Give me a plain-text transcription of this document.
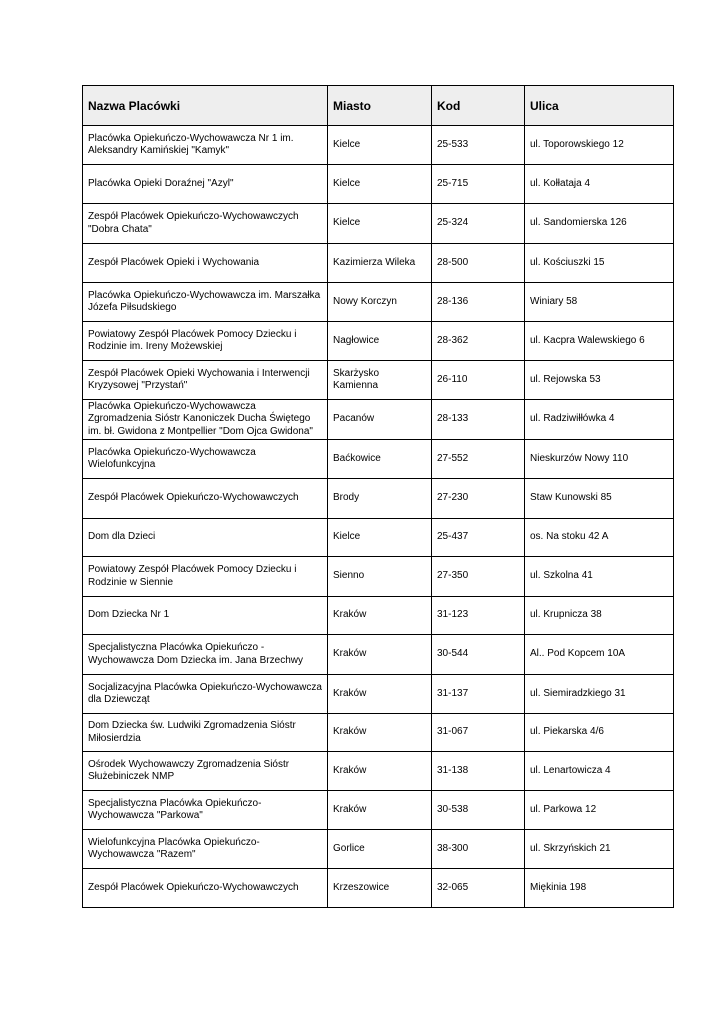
Nazwa Placówki	Miasto	Kod	Ulica
Placówka Opiekuńczo-Wychowawcza Nr 1 im. Aleksandry Kamińskiej "Kamyk"	Kielce	25-533	ul. Toporowskiego 12
Placówka Opieki Doraźnej "Azyl"	Kielce	25-715	ul. Kołłataja 4
Zespół Placówek Opiekuńczo-Wychowawczych "Dobra Chata"	Kielce	25-324	ul. Sandomierska 126
Zespół Placówek Opieki i Wychowania	Kazimierza Wileka	28-500	ul. Kościuszki 15
Placówka Opiekuńczo-Wychowawcza im. Marszałka Józefa Piłsudskiego	Nowy Korczyn	28-136	Winiary 58
Powiatowy Zespół Placówek Pomocy Dziecku i Rodzinie im. Ireny Możewskiej	Nagłowice	28-362	ul. Kacpra Walewskiego 6
Zespół Placówek Opieki Wychowania i Interwencji Kryzysowej "Przystań"	Skarżysko Kamienna	26-110	ul. Rejowska 53
Placówka Opiekuńczo-Wychowawcza Zgromadzenia Sióstr Kanoniczek Ducha Świętego im. bł. Gwidona z Montpellier "Dom Ojca Gwidona"	Pacanów	28-133	ul. Radziwiłłówka 4
Placówka Opiekuńczo-Wychowawcza Wielofunkcyjna	Baćkowice	27-552	Nieskurzów Nowy 110
Zespół Placówek Opiekuńczo-Wychowawczych	Brody	27-230	Staw Kunowski 85
Dom dla Dzieci	Kielce	25-437	os. Na stoku 42 A
Powiatowy Zespół Placówek Pomocy Dziecku i Rodzinie w Siennie	Sienno	27-350	ul. Szkolna 41
Dom Dziecka Nr 1	Kraków	31-123	ul. Krupnicza 38
Specjalistyczna Placówka Opiekuńczo - Wychowawcza Dom Dziecka im. Jana Brzechwy	Kraków	30-544	Al.. Pod Kopcem 10A
Socjalizacyjna Placówka Opiekuńczo-Wychowawcza dla Dziewcząt	Kraków	31-137	ul. Siemiradzkiego 31
Dom Dziecka św. Ludwiki Zgromadzenia Sióstr Miłosierdzia	Kraków	31-067	ul. Piekarska 4/6
Ośrodek Wychowawczy Zgromadzenia Sióstr Służebiniczek NMP	Kraków	31-138	ul. Lenartowicza 4
Specjalistyczna Placówka Opiekuńczo-Wychowawcza "Parkowa"	Kraków	30-538	ul. Parkowa 12
Wielofunkcyjna Placówka Opiekuńczo-Wychowawcza "Razem"	Gorlice	38-300	ul. Skrzyńskich 21
Zespół Placówek Opiekuńczo-Wychowawczych	Krzeszowice	32-065	Miękinia 198
